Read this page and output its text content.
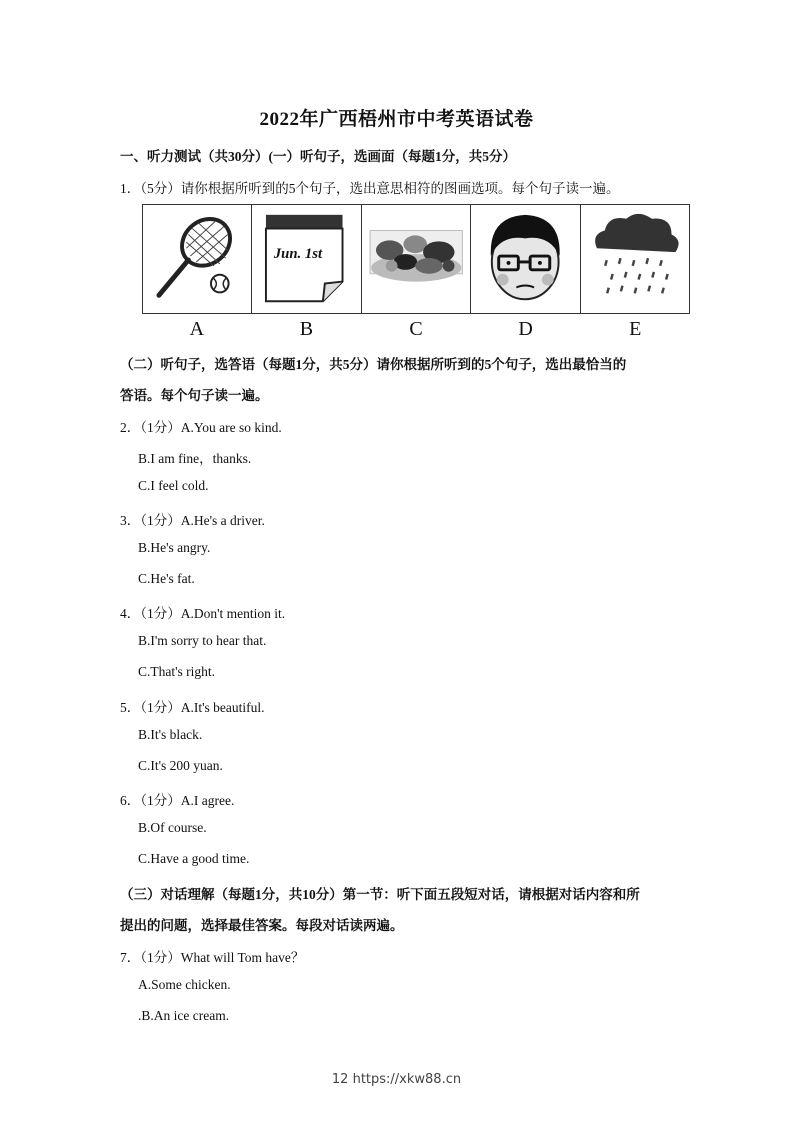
2022年广西梧州市中考英语试卷
一、听力测试（共30分）(一）听句子，选画面（每题1分，共5分）
1．（5分）请你根据所听到的5个句子，选出意思相符的图画选项。每个句子读一遍。
Jun. 1st
A	B	C	D	E
（二）听句子，选答语（每题1分，共5分）请你根据所听到的5个句子，选出最恰当的
答语。每个句子读一遍。
2．（1分）A.You are so kind.
B.I am fine，thanks.
C.I feel cold.
3．（1分）A.He's a driver.
B.He's angry.
C.He's fat.
4．（1分）A.Don't mention it.
B.I'm sorry to hear that.
C.That's right.
5．（1分）A.It's beautiful.
B.It's black.
C.It's 200 yuan.
6．（1分）A.I agree.
B.Of course.
C.Have a good time.
（三）对话理解（每题1分，共10分）第一节：听下面五段短对话，请根据对话内容和所
提出的问题，选择最佳答案。每段对话读两遍。
7．（1分）What will Tom have？
A.Some chicken.
.B.An ice cream.
12 https://xkw88.cn
